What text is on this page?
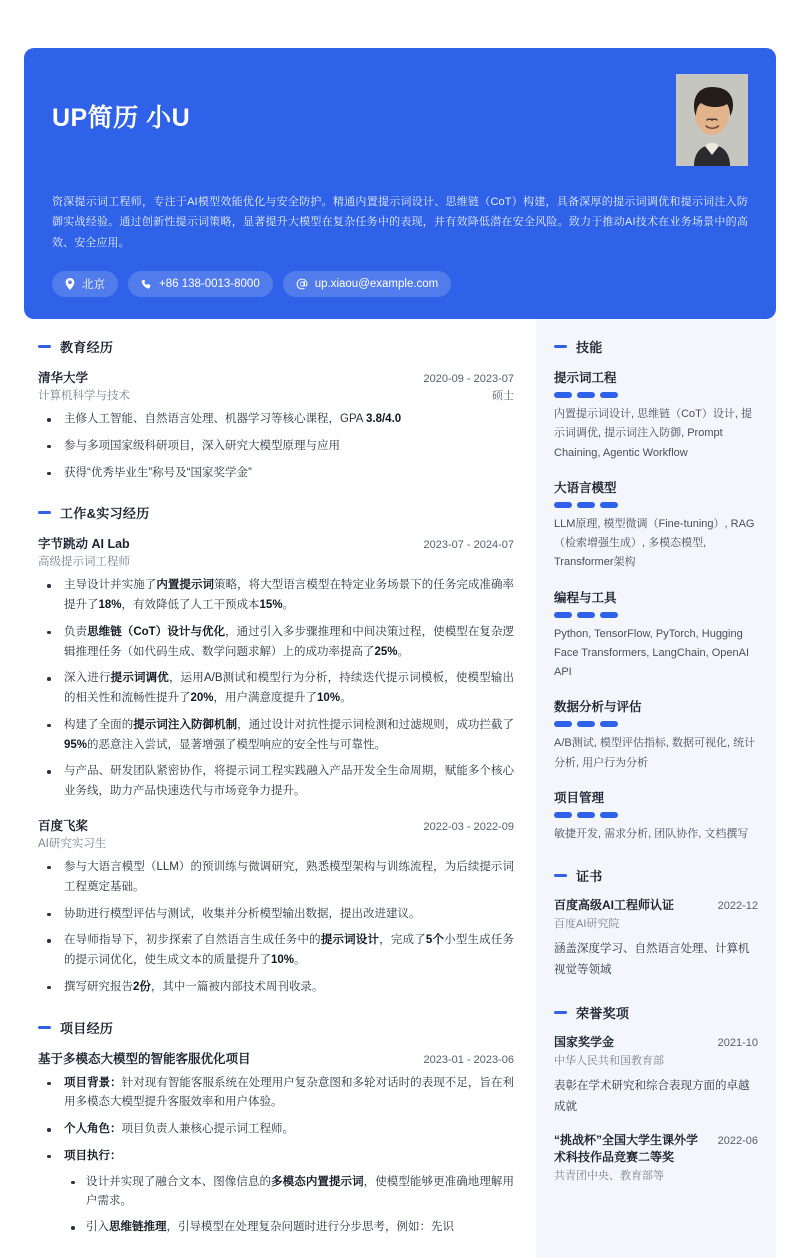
UP简历 小U
资深提示词工程师，专注于AI模型效能优化与安全防护。精通内置提示词设计、思维链（CoT）构建，具备深厚的提示词调优和提示词注入防御实战经验。通过创新性提示词策略，显著提升大模型在复杂任务中的表现，并有效降低潜在安全风险。致力于推动AI技术在业务场景中的高效、安全应用。
北京	+86 138-0013-8000	up.xiaou@example.com
教育经历
清华大学	2020-09 - 2023-07
计算机科学与技术	硕士
主修人工智能、自然语言处理、机器学习等核心课程，GPA 3.8/4.0
参与多项国家级科研项目，深入研究大模型原理与应用
获得“优秀毕业生”称号及“国家奖学金”
工作&实习经历
字节跳动 AI Lab	2023-07 - 2024-07
高级提示词工程师
主导设计并实施了内置提示词策略，将大型语言模型在特定业务场景下的任务完成准确率提升了18%，有效降低了人工干预成本15%。
负责思维链（CoT）设计与优化，通过引入多步骤推理和中间决策过程，使模型在复杂逻辑推理任务（如代码生成、数学问题求解）上的成功率提高了25%。
深入进行提示词调优，运用A/B测试和模型行为分析，持续迭代提示词模板，使模型输出的相关性和流畅性提升了20%，用户满意度提升了10%。
构建了全面的提示词注入防御机制，通过设计对抗性提示词检测和过滤规则，成功拦截了95%的恶意注入尝试，显著增强了模型响应的安全性与可靠性。
与产品、研发团队紧密协作，将提示词工程实践融入产品开发全生命周期，赋能多个核心业务线，助力产品快速迭代与市场竞争力提升。
百度飞桨	2022-03 - 2022-09
AI研究实习生
参与大语言模型（LLM）的预训练与微调研究，熟悉模型架构与训练流程，为后续提示词工程奠定基础。
协助进行模型评估与测试，收集并分析模型输出数据，提出改进建议。
在导师指导下，初步探索了自然语言生成任务中的提示词设计，完成了5个小型生成任务的提示词优化，使生成文本的质量提升了10%。
撰写研究报告2份，其中一篇被内部技术周刊收录。
项目经历
基于多模态大模型的智能客服优化项目	2023-01 - 2023-06
项目背景：针对现有智能客服系统在处理用户复杂意图和多轮对话时的表现不足，旨在利用多模态大模型提升客服效率和用户体验。
个人角色：项目负责人兼核心提示词工程师。
项目执行：
设计并实现了融合文本、图像信息的多模态内置提示词，使模型能够更准确地理解用户需求。
引入思维链推理，引导模型在处理复杂问题时进行分步思考，例如：先识
技能
提示词工程
内置提示词设计, 思维链（CoT）设计, 提示词调优, 提示词注入防御, Prompt Chaining, Agentic Workflow
大语言模型
LLM原理, 模型微调（Fine-tuning）, RAG（检索增强生成）, 多模态模型, Transformer架构
编程与工具
Python, TensorFlow, PyTorch, Hugging Face Transformers, LangChain, OpenAI API
数据分析与评估
A/B测试, 模型评估指标, 数据可视化, 统计分析, 用户行为分析
项目管理
敏捷开发, 需求分析, 团队协作, 文档撰写
证书
百度高级AI工程师认证	2022-12
百度AI研究院
涵盖深度学习、自然语言处理、计算机视觉等领域
荣誉奖项
国家奖学金	2021-10
中华人民共和国教育部
表彰在学术研究和综合表现方面的卓越成就
“挑战杯”全国大学生课外学术科技作品竞赛二等奖
2022-06
共青团中央、教育部等
